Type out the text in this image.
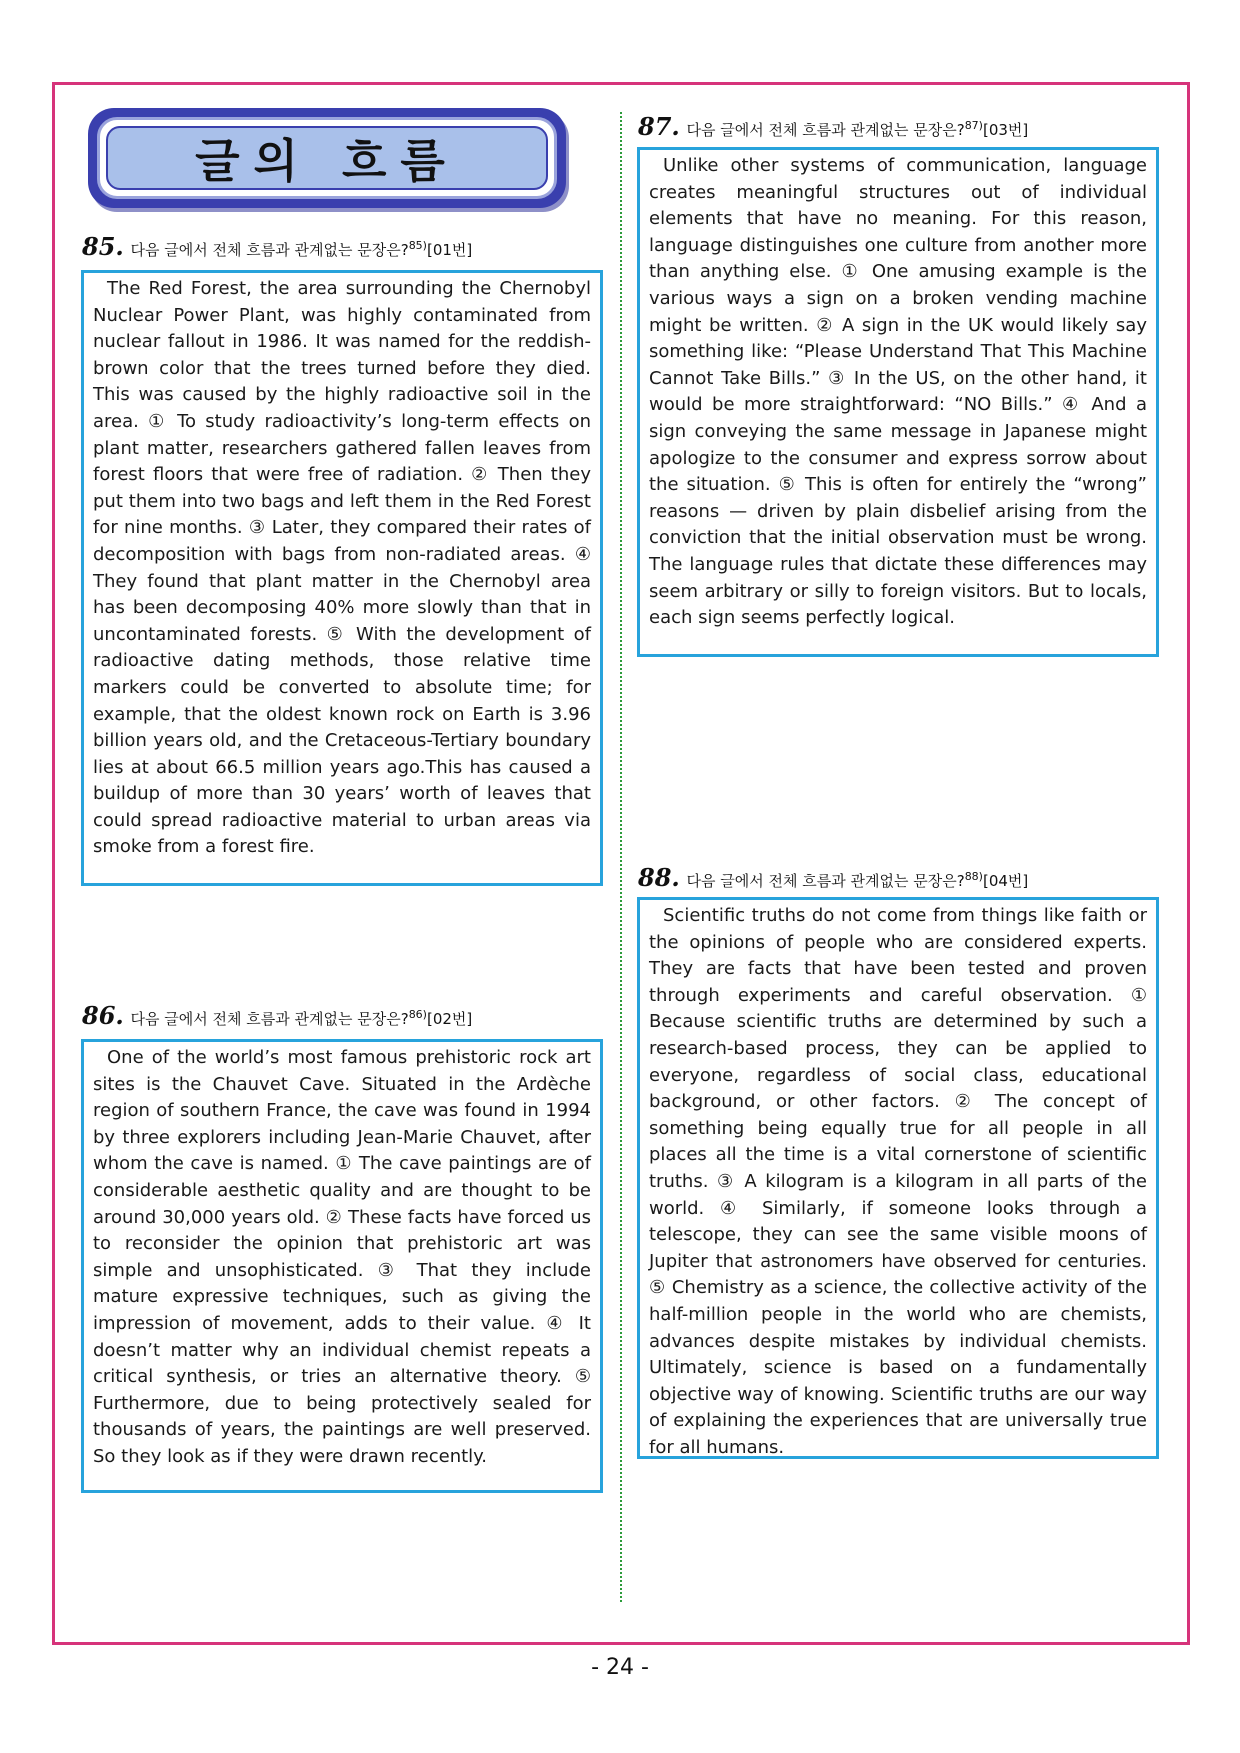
글의 흐름
85. 다음 글에서 전체 흐름과 관계없는 문장은?$^{85)}$[01번]

The Red Forest, the area surrounding the Chernobyl Nuclear Power Plant, was highly contaminated from nuclear fallout in 1986. It was named for the reddish-brown color that the trees turned before they died. This was caused by the highly radioactive soil in the area. ① To study radioactivity’s long-term effects on plant matter, researchers gathered fallen leaves from forest floors that were free of radiation. ② Then they put them into two bags and left them in the Red Forest for nine months. ③ Later, they compared their rates of decomposition with bags from non-radiated areas. ④ They found that plant matter in the Chernobyl area has been decomposing 40% more slowly than that in uncontaminated forests. ⑤ With the development of radioactive dating methods, those relative time markers could be converted to absolute time; for example, that the oldest known rock on Earth is 3.96 billion years old, and the Cretaceous-Tertiary boundary lies at about 66.5 million years ago.This has caused a buildup of more than 30 years’ worth of leaves that could spread radioactive material to urban areas via smoke from a forest fire.

86. 다음 글에서 전체 흐름과 관계없는 문장은?$^{86)}$[02번]

One of the world’s most famous prehistoric rock art sites is the Chauvet Cave. Situated in the Ardèche region of southern France, the cave was found in 1994 by three explorers including Jean-Marie Chauvet, after whom the cave is named. ① The cave paintings are of considerable aesthetic quality and are thought to be around 30,000 years old. ② These facts have forced us to reconsider the opinion that prehistoric art was simple and unsophisticated. ③ That they include mature expressive techniques, such as giving the impression of movement, adds to their value. ④ It doesn’t matter why an individual chemist repeats a critical synthesis, or tries an alternative theory. ⑤ Furthermore, due to being protectively sealed for thousands of years, the paintings are well preserved. So they look as if they were drawn recently.

87. 다음 글에서 전체 흐름과 관계없는 문장은?$^{87)}$[03번]

Unlike other systems of communication, language creates meaningful structures out of individual elements that have no meaning. For this reason, language distinguishes one culture from another more than anything else. ① One amusing example is the various ways a sign on a broken vending machine might be written. ② A sign in the UK would likely say something like: “Please Understand That This Machine Cannot Take Bills.” ③ In the US, on the other hand, it would be more straightforward: “NO Bills.” ④ And a sign conveying the same message in Japanese might apologize to the consumer and express sorrow about the situation. ⑤ This is often for entirely the “wrong” reasons — driven by plain disbelief arising from the conviction that the initial observation must be wrong. The language rules that dictate these differences may seem arbitrary or silly to foreign visitors. But to locals, each sign seems perfectly logical.

88. 다음 글에서 전체 흐름과 관계없는 문장은?$^{88)}$[04번]

Scientific truths do not come from things like faith or the opinions of people who are considered experts. They are facts that have been tested and proven through experiments and careful observation. ① Because scientific truths are determined by such a research-based process, they can be applied to everyone, regardless of social class, educational background, or other factors. ② The concept of something being equally true for all people in all places all the time is a vital cornerstone of scientific truths. ③ A kilogram is a kilogram in all parts of the world. ④ Similarly, if someone looks through a telescope, they can see the same visible moons of Jupiter that astronomers have observed for centuries. ⑤ Chemistry as a science, the collective activity of the half-million people in the world who are chemists, advances despite mistakes by individual chemists. Ultimately, science is based on a fundamentally objective way of knowing. Scientific truths are our way of explaining the experiences that are universally true for all humans.

- 24 -
